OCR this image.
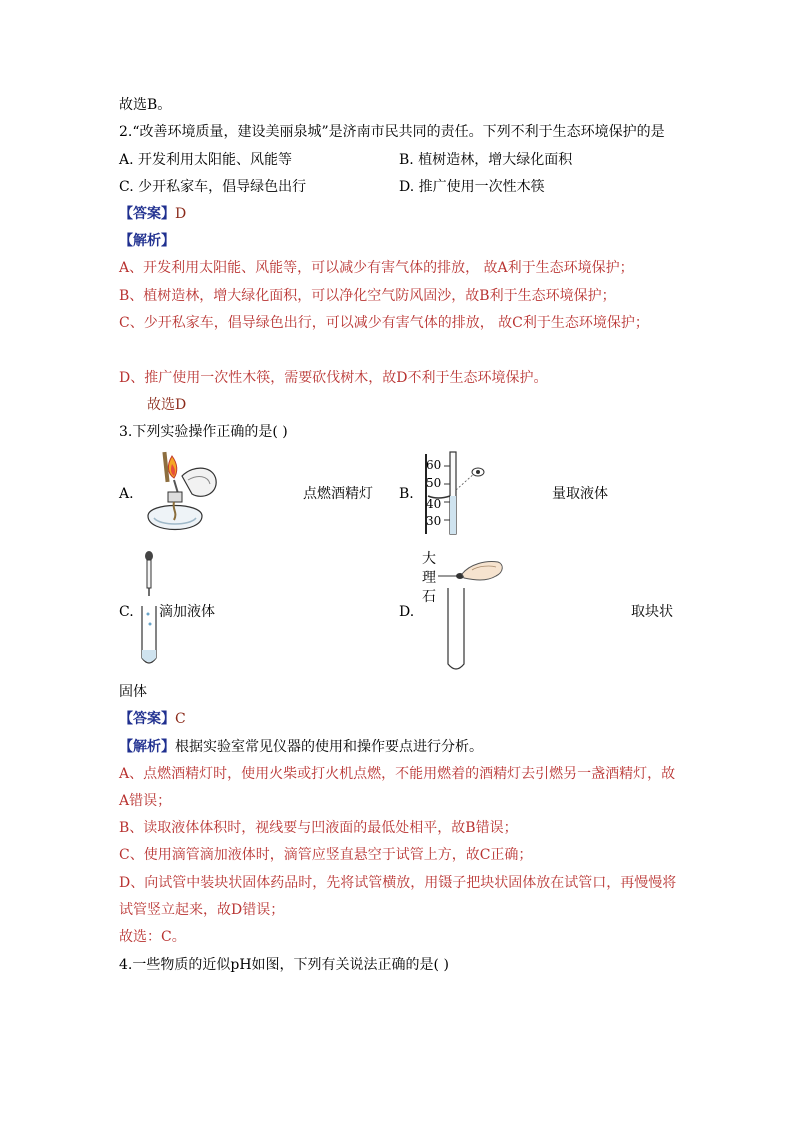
故选B。
2.“改善环境质量，建设美丽泉城”是济南市民共同的责任。下列不利于生态环境保护的是
A. 开发利用太阳能、风能等	B. 植树造林，增大绿化面积
C. 少开私家车，倡导绿色出行	D. 推广使用一次性木筷
【答案】D
【解析】
A、开发利用太阳能、风能等，可以减少有害气体的排放， 故A利于生态环境保护；
B、植树造林，增大绿化面积，可以净化空气防风固沙，故B利于生态环境保护；
C、少开私家车，倡导绿色出行，可以减少有害气体的排放， 故C利于生态环境保护；
D、推广使用一次性木筷，需要砍伐树木，故D不利于生态环境保护。
故选D
3.下列实验操作正确的是( )
A.	点燃酒精灯 B.
60
50
40
30
量取液体
C. 滴加液体	D.
大
理
石
取块状
固体
【答案】C
【解析】根据实验室常见仪器的使用和操作要点进行分析。
A、点燃酒精灯时，使用火柴或打火机点燃，不能用燃着的酒精灯去引燃另一盏酒精灯，故
A错误；
B、读取液体体积时，视线要与凹液面的最低处相平，故B错误；
C、使用滴管滴加液体时，滴管应竖直悬空于试管上方，故C正确；
D、向试管中装块状固体药品时，先将试管横放，用镊子把块状固体放在试管口，再慢慢将
试管竖立起来，故D错误；
故选：C。
4.一些物质的近似pH如图，下列有关说法正确的是( )
